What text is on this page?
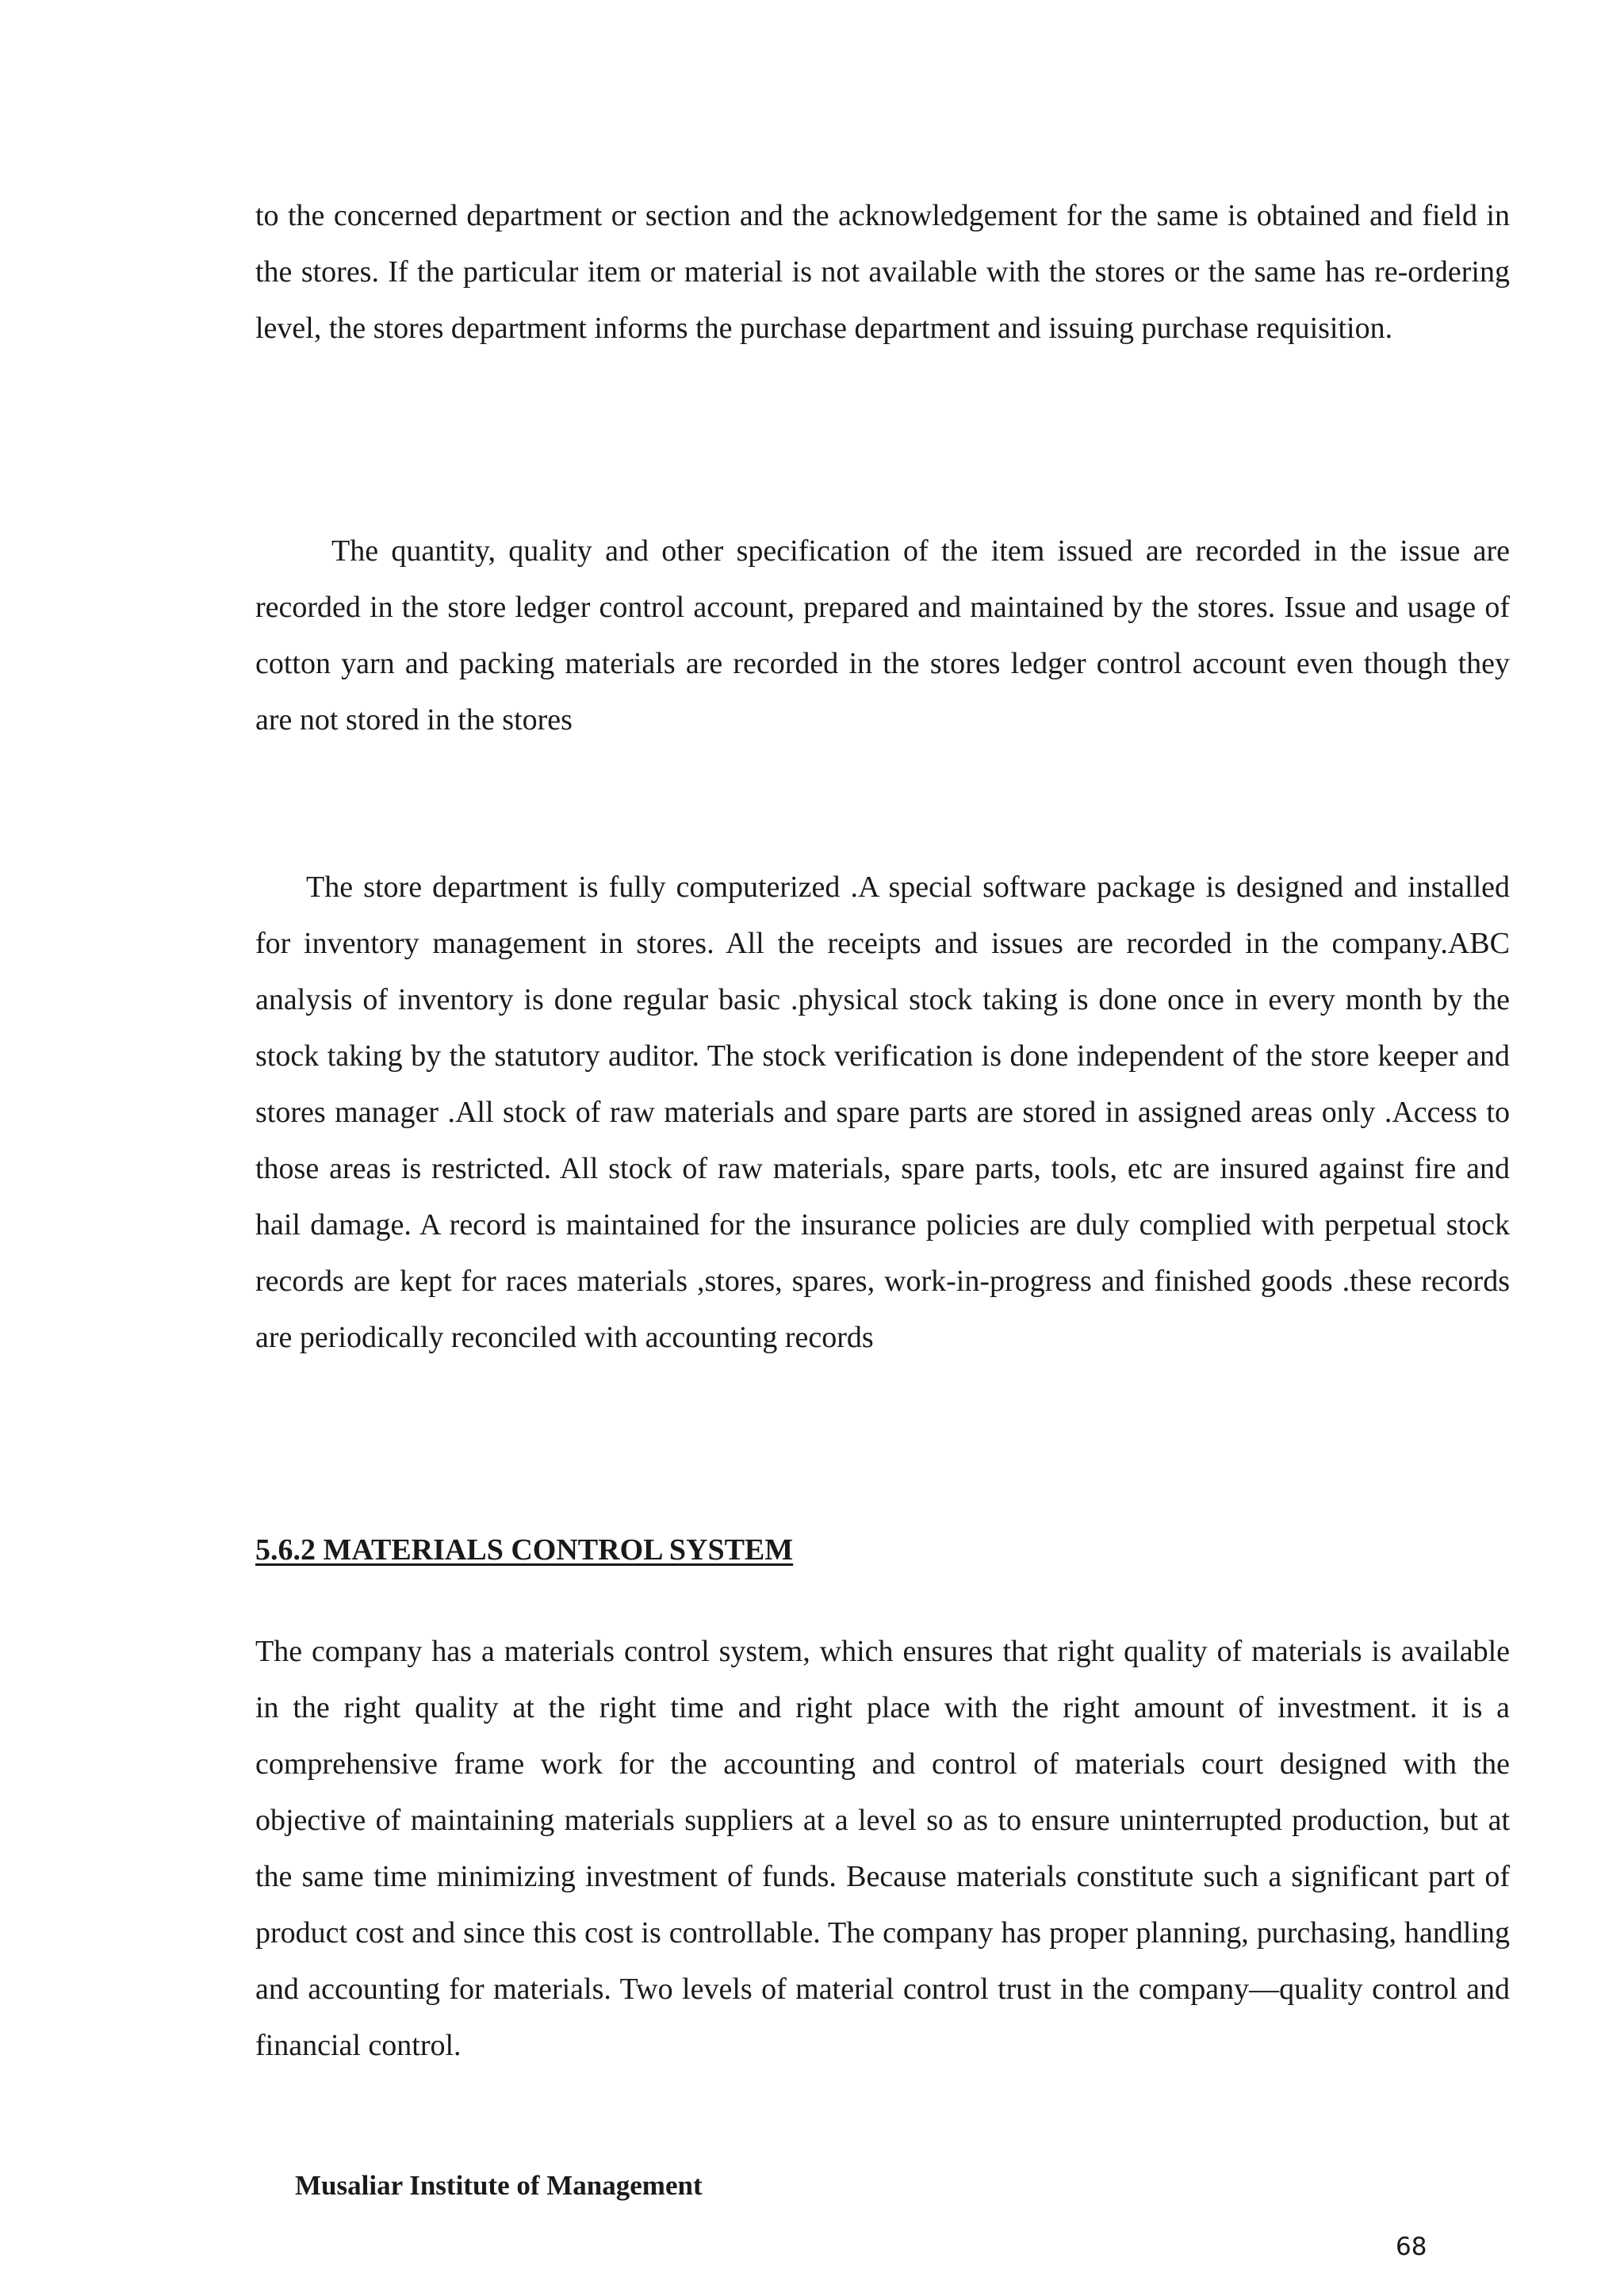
to the concerned department or section and the acknowledgement for the same is obtained and field in the stores. If the particular item or material is not available with the stores or the same has re-ordering level, the stores department informs the purchase department and issuing purchase requisition.

The quantity, quality and other specification of the item issued are recorded in the issue are recorded in the store ledger control account, prepared and maintained by the stores. Issue and usage of cotton yarn and packing materials are recorded in the stores ledger control account even though they are not stored in the stores

The store department is fully computerized .A special software package is designed and installed for inventory management in stores. All the receipts and issues are recorded in the company.ABC analysis of inventory is done regular basic .physical stock taking is done once in every month by the stock taking by the statutory auditor. The stock verification is done independent of the store keeper and stores manager .All stock of raw materials and spare parts are stored in assigned areas only .Access to those areas is restricted. All stock of raw materials, spare parts, tools, etc are insured against fire and hail damage. A record is maintained for the insurance policies are duly complied with perpetual stock records are kept for races materials ,stores, spares, work-in-progress and finished goods .these records are periodically reconciled with accounting records

5.6.2 MATERIALS CONTROL SYSTEM

The company has a materials control system, which ensures that right quality of materials is available in the right quality at the right time and right place with the right amount of investment. it is a comprehensive frame work for the accounting and control of materials court designed with the objective of maintaining materials suppliers at a level so as to ensure uninterrupted production, but at the same time minimizing investment of funds. Because materials constitute such a significant part of product cost and since this cost is controllable. The company has proper planning, purchasing, handling and accounting for materials. Two levels of material control trust in the company—quality control and financial control.

Musaliar Institute of Management

68
